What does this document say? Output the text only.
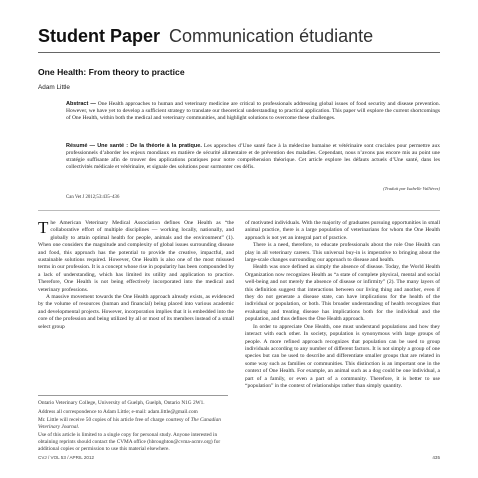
Student Paper Communication étudiante
One Health: From theory to practice
Adam Little
Abstract — One Health approaches to human and veterinary medicine are critical to professionals addressing global issues of food security and disease prevention. However, we have yet to develop a sufficient strategy to translate our theoretical understanding to practical application. This paper will explore the current shortcomings of One Health, within both the medical and veterinary communities, and highlight solutions to overcome these challenges.
Résumé — Une santé : De la théorie à la pratique. Les approches d’Une santé face à la médecine humaine et vétérinaire sont cruciales pour permettre aux professionnels d’aborder les enjeux mondiaux en matière de sécurité alimentaire et de prévention des maladies. Cependant, nous n’avons pas encore mis au point une stratégie suffisante afin de trouver des applications pratiques pour notre compréhension théorique. Cet article explore les défauts actuels d’Une santé, dans les collectivités médicale et vétérinaire, et signale des solutions pour surmonter ces défis.
(Traduit par Isabelle Vallières)
Can Vet J 2012;53:435–436

The American Veterinary Medical Association defines One Health as “the collaborative effort of multiple disciplines — working locally, nationally, and globally to attain optimal health for people, animals and the environment” (1). When one considers the magnitude and complexity of global issues surrounding disease and food, this approach has the potential to provide the creative, impactful, and sustainable solutions required. However, One Health is also one of the most misused terms in our profession. It is a concept whose rise in popularity has been compounded by a lack of understanding, which has limited its utility and application to practice. Therefore, One Health is not being effectively incorporated into the medical and veterinary professions.

A massive movement towards the One Health approach already exists, as evidenced by the volume of resources (human and financial) being placed into various academic and developmental projects. However, incorporation implies that it is embedded into the core of the profession and being utilized by all or most of its members instead of a small select group

of motivated individuals. With the majority of graduates pursuing opportunities in small animal practice, there is a large population of veterinarians for whom the One Health approach is not yet an integral part of practice.

There is a need, therefore, to educate professionals about the role One Health can play in all veterinary careers. This universal buy-in is imperative to bringing about the large-scale changes surrounding our approach to disease and health.

Health was once defined as simply the absence of disease. Today, the World Health Organization now recognizes Health as “a state of complete physical, mental and social well-being and not merely the absence of disease or infirmity” (2). The many layers of this definition suggest that interactions between our living thing and another, even if they do not generate a disease state, can have implications for the health of the individual or population, or both. This broader understanding of health recognizes that evaluating and treating disease has implications both for the individual and the population, and thus defines the One Health approach.

In order to appreciate One Health, one must understand populations and how they interact with each other. In society, population is synonymous with large groups of people. A more refined approach recognizes that population can be used to group individuals according to any number of different factors. It is not simply a group of one species but can be used to describe and differentiate smaller groups that are related in some way such as families or communities. This distinction is an important one in the context of One Health. For example, an animal such as a dog could be one individual, a part of a family, or even a part of a community. Therefore, it is better to use “population” in the context of relationships rather than simply quantity.

Ontario Veterinary College, University of Guelph, Guelph, Ontario N1G 2W1.

Address all correspondence to Adam Little; e-mail: adam.little@gmail.com

Mr. Little will receive 50 copies of his article free of charge courtesy of The Canadian Veterinary Journal.

Use of this article is limited to a single copy for personal study. Anyone interested in obtaining reprints should contact the CVMA office (hbroughton@cvma-acmv.org) for additional copies or permission to use this material elsewhere.

CVJ / VOL 53 / APRIL 2012	435
